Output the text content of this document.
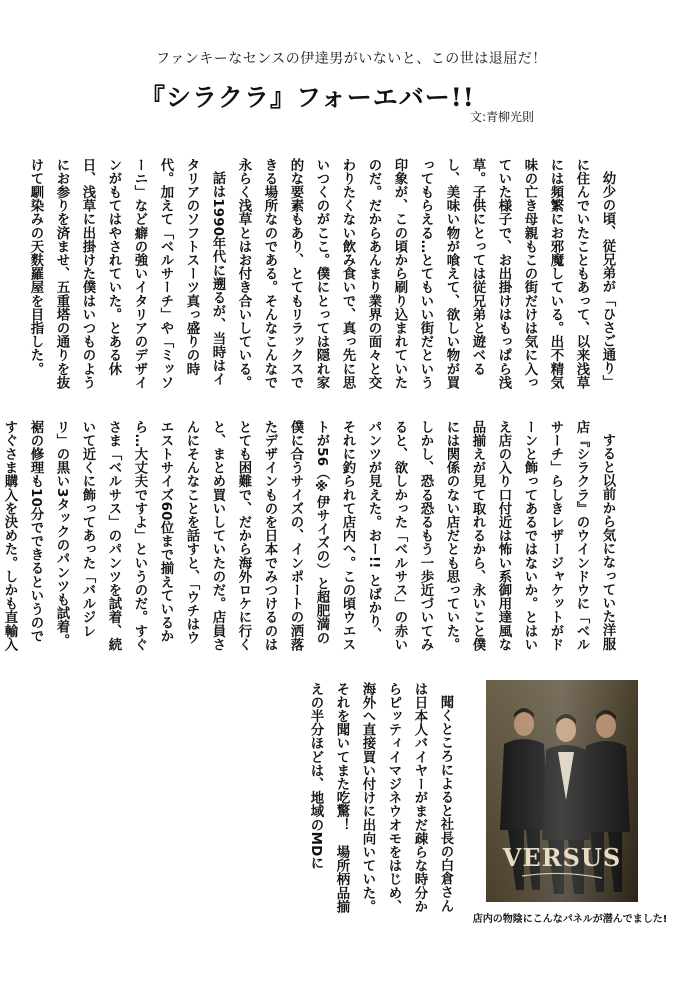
ファンキーなセンスの伊達男がいないと、この世は退屈だ！
『シラクラ』フォーエバー!!
文:青柳光則

幼少の頃、従兄弟が「ひさご通り」に住んでいたこともあって、以来浅草には頻繁にお邪魔している。出不精気味の亡き母親もこの街だけは気に入っていた様子で、お出掛けはもっぱら浅草。子供にとっては従兄弟と遊べるし、美味い物が喰えて、欲しい物が買ってもらえる…とてもいい街だという印象が、この頃から刷り込まれていたのだ。だからあんまり業界の面々と交わりたくない飲み食いで、真っ先に思いつくのがここ。僕にとっては隠れ家的な要素もあり、とてもリラックスできる場所なのである。そんなこんなで永らく浅草とはお付き合いしている。

話は1990年代に遡るが、当時はイタリアのソフトスーツ真っ盛りの時代。加えて「ベルサーチ」や「ミッソーニ」など癖の強いイタリアのデザインがもてはやされていた。とある休日、浅草に出掛けた僕はいつものようにお参りを済ませ、五重塔の通りを抜けて馴染みの天麩羅屋を目指した。

すると以前から気になっていた洋服店『シラクラ』のウインドウに「ベルサーチ」らしきレザージャケットがドーンと飾ってあるではないか。とはいえ店の入り口付近は怖い系御用達風な品揃えが見て取れるから、永いこと僕には関係のない店だとも思っていた。しかし、恐る恐るもう一歩近づいてみると、欲しかった「ベルサス」の赤いパンツが見えた。おー!! とばかり、それに釣られて店内へ。この頃ウエストが56（※伊サイズの）と超肥満の僕に合うサイズの、インポートの洒落たデザインものを日本でみつけるのはとても困難で、だから海外ロケに行くと、まとめ買いしていたのだ。店員さんにそんなことを話すと、「ウチはウエストサイズ60位まで揃えているから…大丈夫ですよ」というのだ。すぐさま「ベルサス」のパンツを試着、続いて近くに飾ってあった「バルジレリ」の黒い3タックのパンツも試着。裾の修理も10分でできるというのですぐさま購入を決めた。しかも直輸入

聞くところによると社長の白倉さんは日本人バイヤーがまだ疎らな時分からピッティイマジネウオモをはじめ、海外へ直接買い付けに出向いていた。それを聞いてまた吃驚！　場所柄品揃えの半分ほどは、地域のMDに	VERSUS
店内の物陰にこんなパネルが潜んでました!
